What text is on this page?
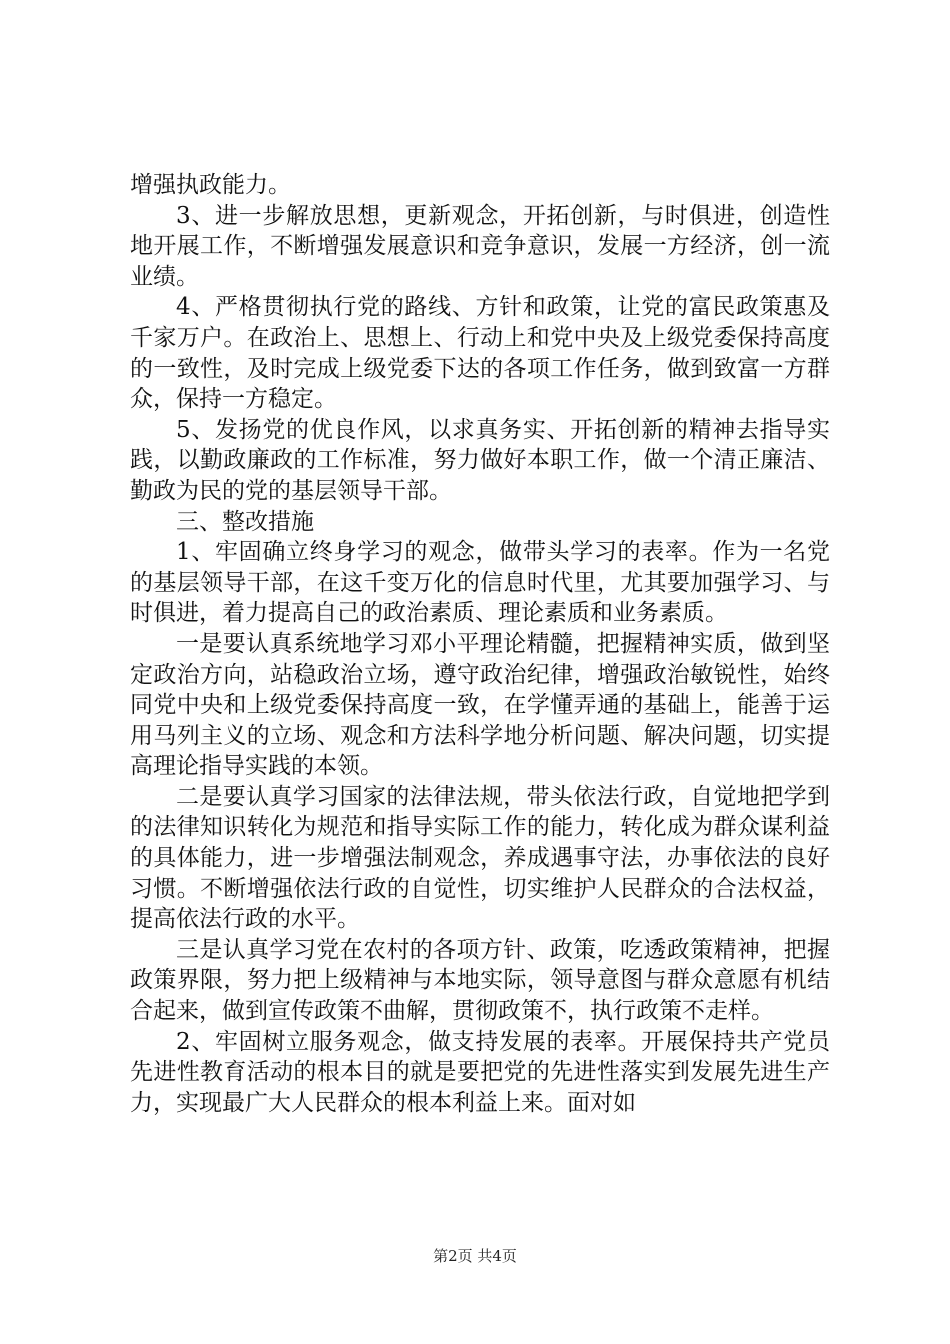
增强执政能力。

3、进一步解放思想，更新观念，开拓创新，与时俱进，创造性地开展工作，不断增强发展意识和竞争意识，发展一方经济，创一流业绩。

4、严格贯彻执行党的路线、方针和政策，让党的富民政策惠及千家万户。在政治上、思想上、行动上和党中央及上级党委保持高度的一致性，及时完成上级党委下达的各项工作任务，做到致富一方群众，保持一方稳定。

5、发扬党的优良作风，以求真务实、开拓创新的精神去指导实践，以勤政廉政的工作标准，努力做好本职工作，做一个清正廉洁、勤政为民的党的基层领导干部。

三、整改措施

1、牢固确立终身学习的观念，做带头学习的表率。作为一名党的基层领导干部，在这千变万化的信息时代里，尤其要加强学习、与时俱进，着力提高自己的政治素质、理论素质和业务素质。

一是要认真系统地学习邓小平理论精髓，把握精神实质，做到坚定政治方向，站稳政治立场，遵守政治纪律，增强政治敏锐性，始终同党中央和上级党委保持高度一致，在学懂弄通的基础上，能善于运用马列主义的立场、观念和方法科学地分析问题、解决问题，切实提高理论指导实践的本领。

二是要认真学习国家的法律法规，带头依法行政，自觉地把学到的法律知识转化为规范和指导实际工作的能力，转化成为群众谋利益的具体能力，进一步增强法制观念，养成遇事守法，办事依法的良好习惯。不断增强依法行政的自觉性，切实维护人民群众的合法权益，提高依法行政的水平。

三是认真学习党在农村的各项方针、政策，吃透政策精神，把握政策界限，努力把上级精神与本地实际，领导意图与群众意愿有机结合起来，做到宣传政策不曲解，贯彻政策不，执行政策不走样。

2、牢固树立服务观念，做支持发展的表率。开展保持共产党员先进性教育活动的根本目的就是要把党的先进性落实到发展先进生产力，实现最广大人民群众的根本利益上来。面对如

第2页 共4页
